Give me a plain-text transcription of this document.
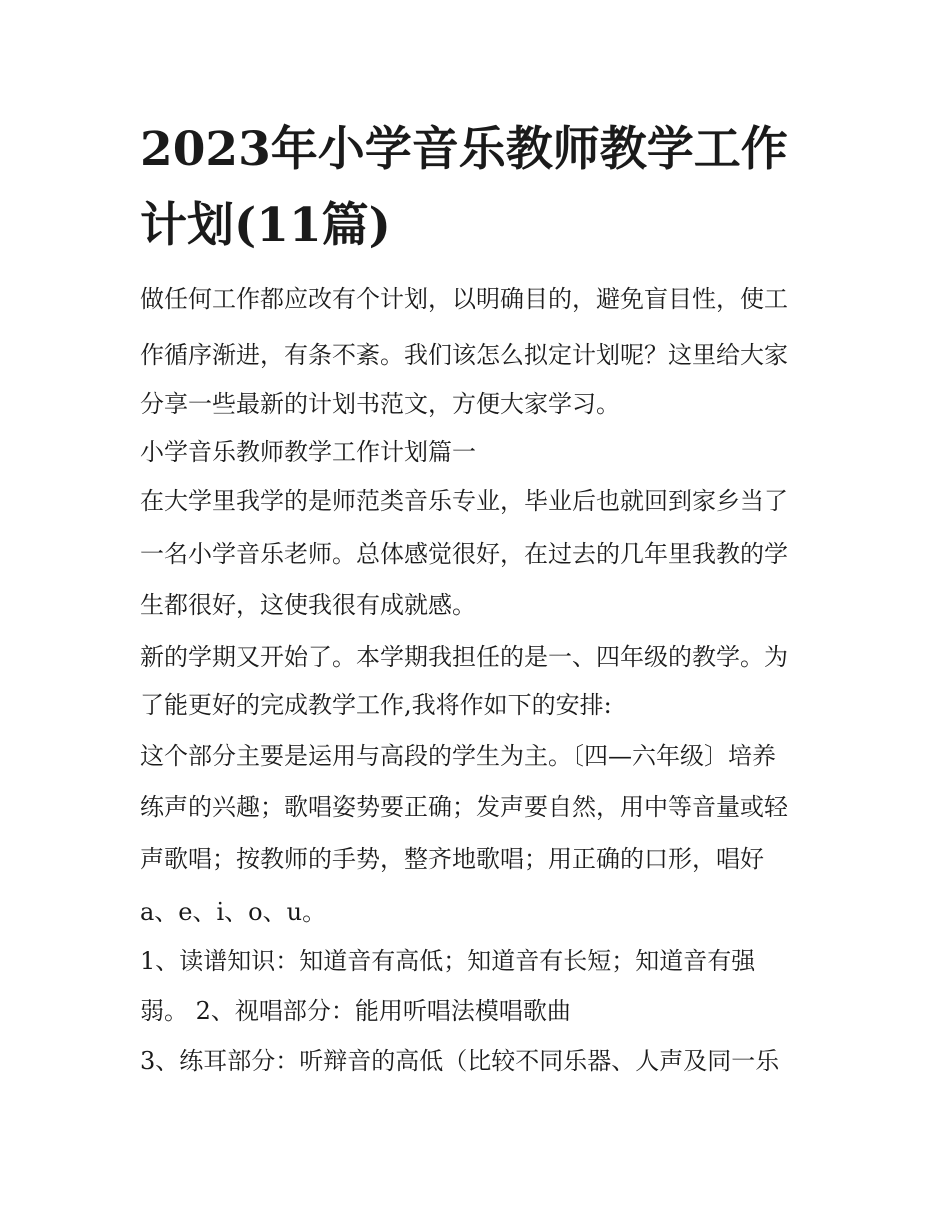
2023年小学音乐教师教学工作
计划(11篇)

做任何工作都应改有个计划，以明确目的，避免盲目性，使工

作循序渐进，有条不紊。我们该怎么拟定计划呢？这里给大家

分享一些最新的计划书范文，方便大家学习。

小学音乐教师教学工作计划篇一

在大学里我学的是师范类音乐专业，毕业后也就回到家乡当了

一名小学音乐老师。总体感觉很好，在过去的几年里我教的学

生都很好，这使我很有成就感。

新的学期又开始了。本学期我担任的是一、四年级的教学。为

了能更好的完成教学工作,我将作如下的安排:

这个部分主要是运用与高段的学生为主。〔四—六年级〕培养

练声的兴趣；歌唱姿势要正确；发声要自然，用中等音量或轻

声歌唱；按教师的手势，整齐地歌唱；用正确的口形，唱好

a、e、i、o、u。

1、读谱知识：知道音有高低；知道音有长短；知道音有强

弱。 2、视唱部分：能用听唱法模唱歌曲

3、练耳部分：听辩音的高低（比较不同乐器、人声及同一乐
